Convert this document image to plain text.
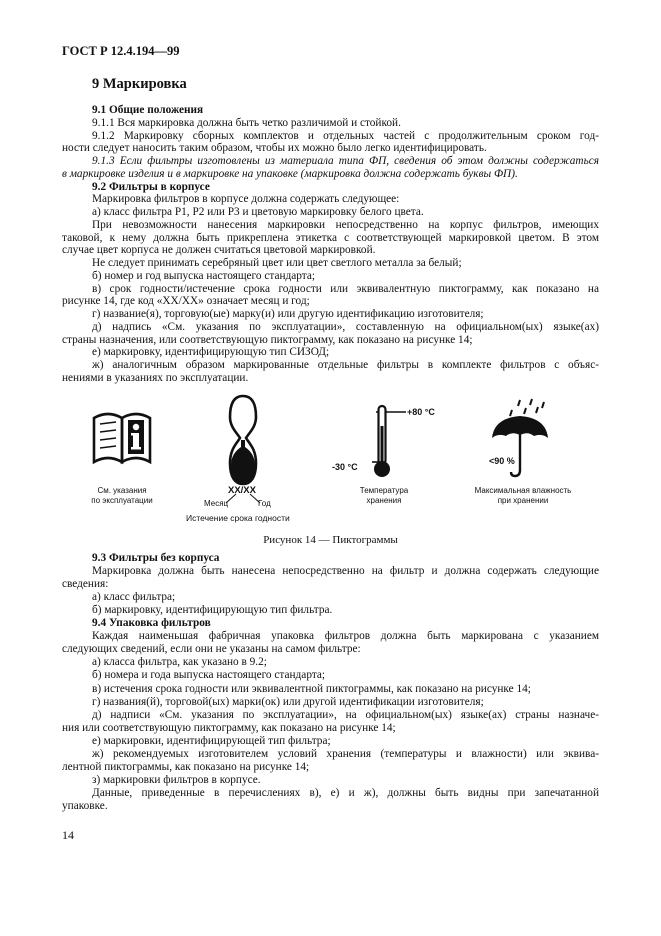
ГОСТ Р 12.4.194—99
9 Маркировка
9.1 Общие положения
9.1.1 Вся маркировка должна быть четко различимой и стойкой.
9.1.2 Маркировку сборных комплектов и отдельных частей с продолжительным сроком год-
ности следует наносить таким образом, чтобы их можно было легко идентифицировать.
9.1.3 Если фильтры изготовлены из материала типа ФП, сведения об этом должны содержаться
в маркировке изделия и в маркировке на упаковке (маркировка должна содержать буквы ФП).
9.2 Фильтры в корпусе
Маркировка фильтров в корпусе должна содержать следующее:
а) класс фильтра Р1, Р2 или Р3 и цветовую маркировку белого цвета.
При невозможности нанесения маркировки непосредственно на корпус фильтров, имеющих
таковой, к нему должна быть прикреплена этикетка с соответствующей маркировкой цветом. В этом
случае цвет корпуса не должен считаться цветовой маркировкой.
Не следует принимать серебряный цвет или цвет светлого металла за белый;
б) номер и год выпуска настоящего стандарта;
в) срок годности/истечение срока годности или эквивалентную пиктограмму, как показано на
рисунке 14, где код «XX/XX» означает месяц и год;
г) название(я), торговую(ые) марку(и) или другую идентификацию изготовителя;
д) надпись «См. указания по эксплуатации», составленную на официальном(ых) языке(ах)
страны назначения, или соответствующую пиктограмму, как показано на рисунке 14;
е) маркировку, идентифицирующую тип СИЗОД;
ж) аналогичным образом маркированные отдельные фильтры в комплекте фильтров с объяс-
нениями в указаниях по эксплуатации.
См. указания
по эксплуатации
XX/XX
Месяц	Год
Истечение срока годности
+80 °C
-30 °C
Температура
хранения
<90 %
Максимальная влажность
при хранении
Рисунок 14 — Пиктограммы
9.3 Фильтры без корпуса
Маркировка должна быть нанесена непосредственно на фильтр и должна содержать следующие
сведения:
а) класс фильтра;
б) маркировку, идентифицирующую тип фильтра.
9.4 Упаковка фильтров
Каждая наименьшая фабричная упаковка фильтров должна быть маркирована с указанием
следующих сведений, если они не указаны на самом фильтре:
а) класса фильтра, как указано в 9.2;
б) номера и года выпуска настоящего стандарта;
в) истечения срока годности или эквивалентной пиктограммы, как показано на рисунке 14;
г) названия(й), торговой(ых) марки(ок) или другой идентификации изготовителя;
д) надписи «См. указания по эксплуатации», на официальном(ых) языке(ах) страны назначе-
ния или соответствующую пиктограмму, как показано на рисунке 14;
е) маркировки, идентифицирующей тип фильтра;
ж) рекомендуемых изготовителем условий хранения (температуры и влажности) или эквива-
лентной пиктограммы, как показано на рисунке 14;
з) маркировки фильтров в корпусе.
Данные, приведенные в перечислениях в), е) и ж), должны быть видны при запечатанной
упаковке.
14
